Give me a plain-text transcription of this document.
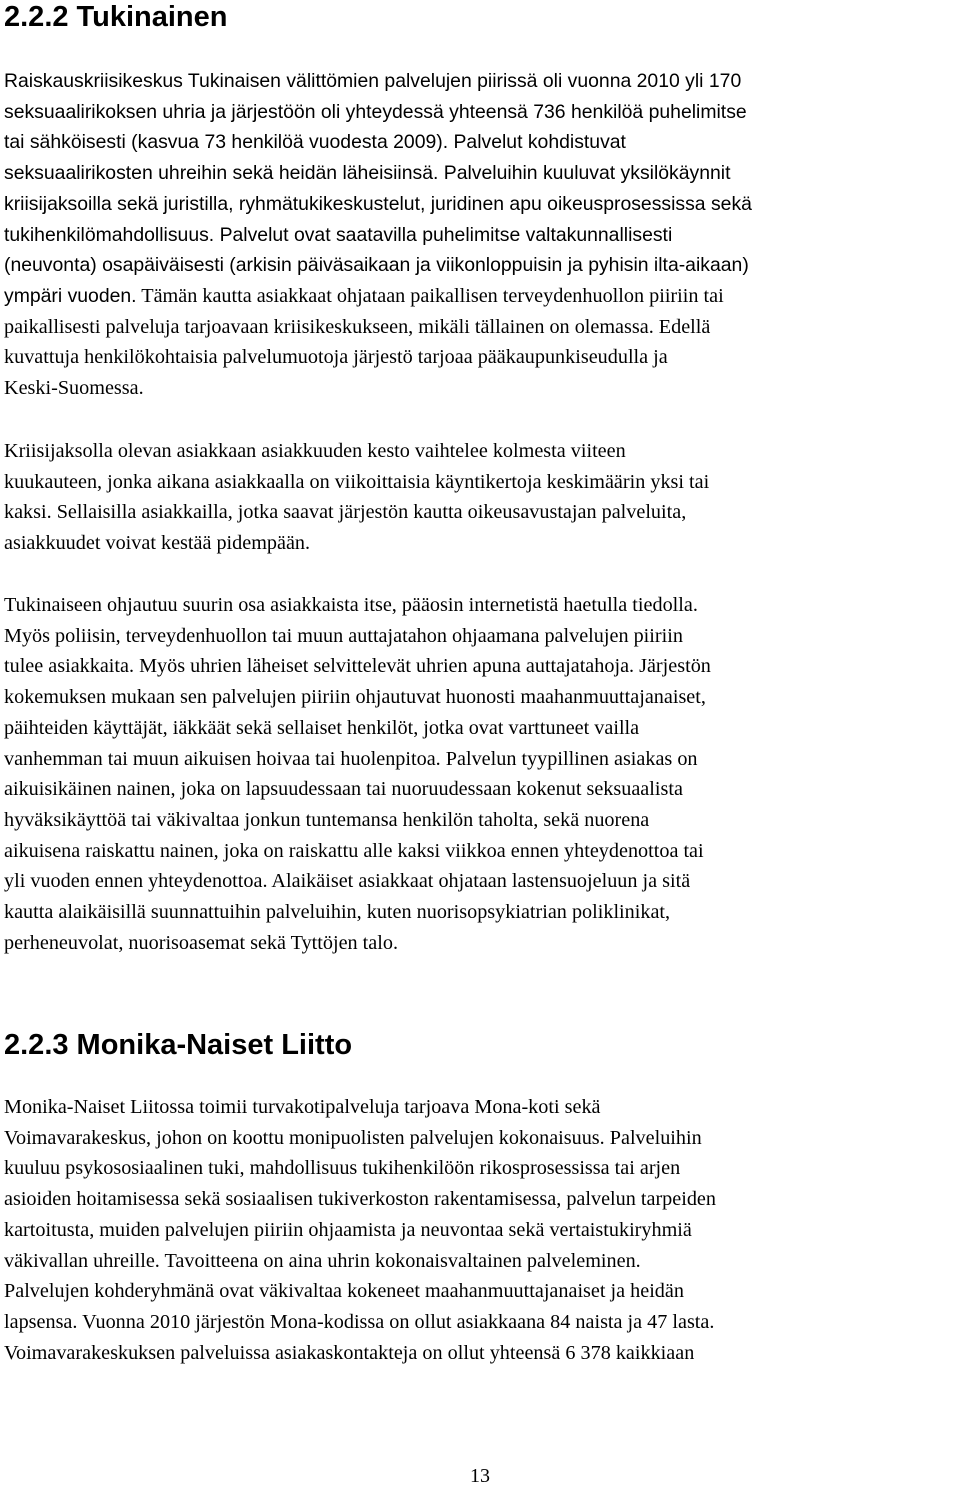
2.2.2 Tukinainen

Raiskauskriisikeskus Tukinaisen välittömien palvelujen piirissä oli vuonna 2010 yli 170
seksuaalirikoksen uhria ja järjestöön oli yhteydessä yhteensä 736 henkilöä puhelimitse
tai sähköisesti (kasvua 73 henkilöä vuodesta 2009). Palvelut kohdistuvat
seksuaalirikosten uhreihin sekä heidän läheisiinsä. Palveluihin kuuluvat yksilökäynnit
kriisijaksoilla sekä juristilla, ryhmätukikeskustelut, juridinen apu oikeusprosessissa sekä
tukihenkilömahdollisuus. Palvelut ovat saatavilla puhelimitse valtakunnallisesti
(neuvonta) osapäiväisesti (arkisin päiväsaikaan ja viikonloppuisin ja pyhisin ilta-aikaan)
ympäri vuoden. Tämän kautta asiakkaat ohjataan paikallisen terveydenhuollon piiriin tai
paikallisesti palveluja tarjoavaan kriisikeskukseen, mikäli tällainen on olemassa. Edellä
kuvattuja henkilökohtaisia palvelumuotoja järjestö tarjoaa pääkaupunkiseudulla ja
Keski-Suomessa.

Kriisijaksolla olevan asiakkaan asiakkuuden kesto vaihtelee kolmesta viiteen
kuukauteen, jonka aikana asiakkaalla on viikoittaisia käyntikertoja keskimäärin yksi tai
kaksi. Sellaisilla asiakkailla, jotka saavat järjestön kautta oikeusavustajan palveluita,
asiakkuudet voivat kestää pidempään.

Tukinaiseen ohjautuu suurin osa asiakkaista itse, pääosin internetistä haetulla tiedolla.
Myös poliisin, terveydenhuollon tai muun auttajatahon ohjaamana palvelujen piiriin
tulee asiakkaita. Myös uhrien läheiset selvittelevät uhrien apuna auttajatahoja. Järjestön
kokemuksen mukaan sen palvelujen piiriin ohjautuvat huonosti maahanmuuttajanaiset,
päihteiden käyttäjät, iäkkäät sekä sellaiset henkilöt, jotka ovat varttuneet vailla
vanhemman tai muun aikuisen hoivaa tai huolenpitoa. Palvelun tyypillinen asiakas on
aikuisikäinen nainen, joka on lapsuudessaan tai nuoruudessaan kokenut seksuaalista
hyväksikäyttöä tai väkivaltaa jonkun tuntemansa henkilön taholta, sekä nuorena
aikuisena raiskattu nainen, joka on raiskattu alle kaksi viikkoa ennen yhteydenottoa tai
yli vuoden ennen yhteydenottoa. Alaikäiset asiakkaat ohjataan lastensuojeluun ja sitä
kautta alaikäisillä suunnattuihin palveluihin, kuten nuorisopsykiatrian poliklinikat,
perheneuvolat, nuorisoasemat sekä Tyttöjen talo.

2.2.3 Monika-Naiset Liitto

Monika-Naiset Liitossa toimii turvakotipalveluja tarjoava Mona-koti sekä
Voimavarakeskus, johon on koottu monipuolisten palvelujen kokonaisuus. Palveluihin
kuuluu psykososiaalinen tuki, mahdollisuus tukihenkilöön rikosprosessissa tai arjen
asioiden hoitamisessa sekä sosiaalisen tukiverkoston rakentamisessa, palvelun tarpeiden
kartoitusta, muiden palvelujen piiriin ohjaamista ja neuvontaa sekä vertaistukiryhmiä
väkivallan uhreille. Tavoitteena on aina uhrin kokonaisvaltainen palveleminen.
Palvelujen kohderyhmänä ovat väkivaltaa kokeneet maahanmuuttajanaiset ja heidän
lapsensa. Vuonna 2010 järjestön Mona-kodissa on ollut asiakkaana 84 naista ja 47 lasta.
Voimavarakeskuksen palveluissa asiakaskontakteja on ollut yhteensä 6 378 kaikkiaan

13
